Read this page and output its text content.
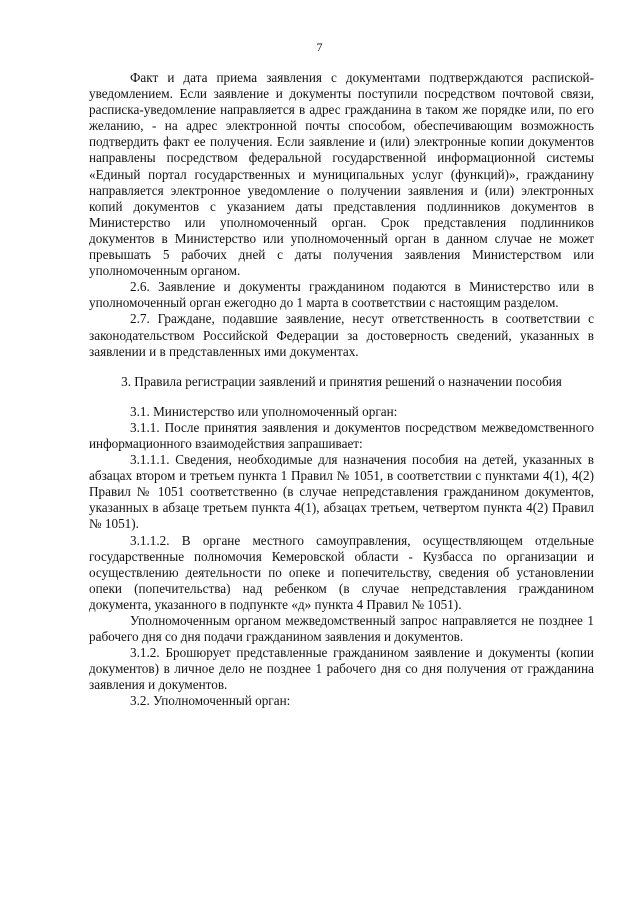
7

Факт и дата приема заявления с документами подтверждаются распиской-уведомлением. Если заявление и документы поступили посредством почтовой связи, расписка-уведомление направляется в адрес гражданина в таком же порядке или, по его желанию, - на адрес электронной почты способом, обеспечивающим возможность подтвердить факт ее получения. Если заявление и (или) электронные копии документов направлены посредством федеральной государственной информационной системы «Единый портал государственных и муниципальных услуг (функций)», гражданину направляется электронное уведомление о получении заявления и (или) электронных копий документов с указанием даты представления подлинников документов в Министерство или уполномоченный орган. Срок представления подлинников документов в Министерство или уполномоченный орган в данном случае не может превышать 5 рабочих дней с даты получения заявления Министерством или уполномоченным органом.

2.6. Заявление и документы гражданином подаются в Министерство или в уполномоченный орган ежегодно до 1 марта в соответствии с настоящим разделом.

2.7. Граждане, подавшие заявление, несут ответственность в соответствии с законодательством Российской Федерации за достоверность сведений, указанных в заявлении и в представленных ими документах.

3. Правила регистрации заявлений и принятия решений о назначении пособия

3.1. Министерство или уполномоченный орган:

3.1.1. После принятия заявления и документов посредством межведомственного информационного взаимодействия запрашивает:

3.1.1.1. Сведения, необходимые для назначения пособия на детей, указанных в абзацах втором и третьем пункта 1 Правил № 1051, в соответствии с пунктами 4(1), 4(2) Правил № 1051 соответственно (в случае непредставления гражданином документов, указанных в абзаце третьем пункта 4(1), абзацах третьем, четвертом пункта 4(2) Правил № 1051).

3.1.1.2. В органе местного самоуправления, осуществляющем отдельные государственные полномочия Кемеровской области - Кузбасса по организации и осуществлению деятельности по опеке и попечительству, сведения об установлении опеки (попечительства) над ребенком (в случае непредставления гражданином документа, указанного в подпункте «д» пункта 4 Правил № 1051).

Уполномоченным органом межведомственный запрос направляется не позднее 1 рабочего дня со дня подачи гражданином заявления и документов.

3.1.2. Брошюрует представленные гражданином заявление и документы (копии документов) в личное дело не позднее 1 рабочего дня со дня получения от гражданина заявления и документов.

3.2. Уполномоченный орган:
